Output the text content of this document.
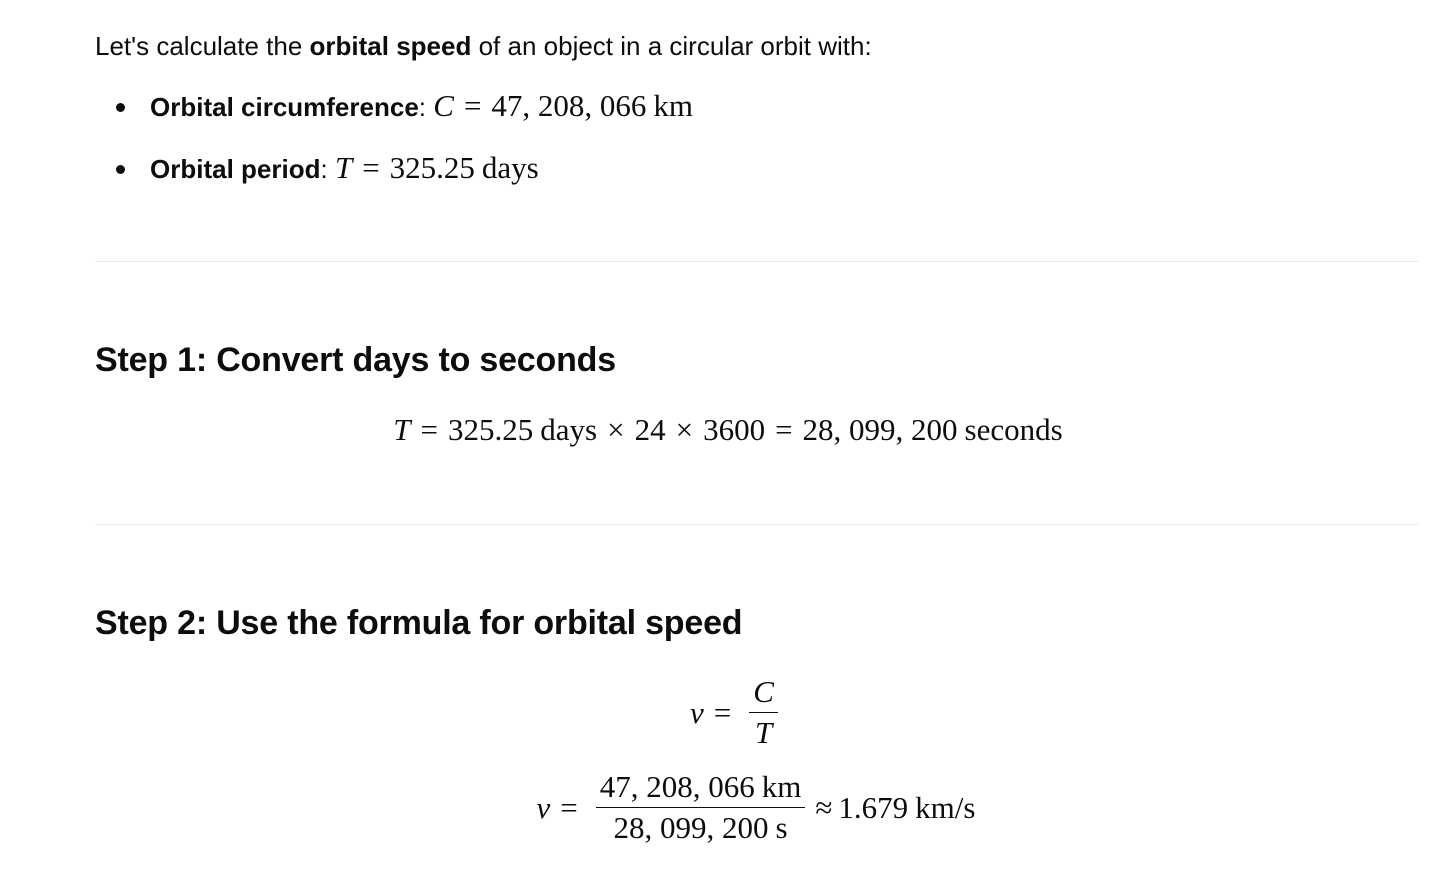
Let's calculate the orbital speed of an object in a circular orbit with:

Orbital circumference: C = 47, 208, 066 km
Orbital period: T = 325.25 days
Step 1: Convert days to seconds
T = 325.25 days × 24 × 3600 = 28, 099, 200 seconds
Step 2: Use the formula for orbital speed
$v = \frac{C}{T}$
$v = \frac{47, 208, 066 km}{28, 099, 200 s} \approx 1.679$ km/s
